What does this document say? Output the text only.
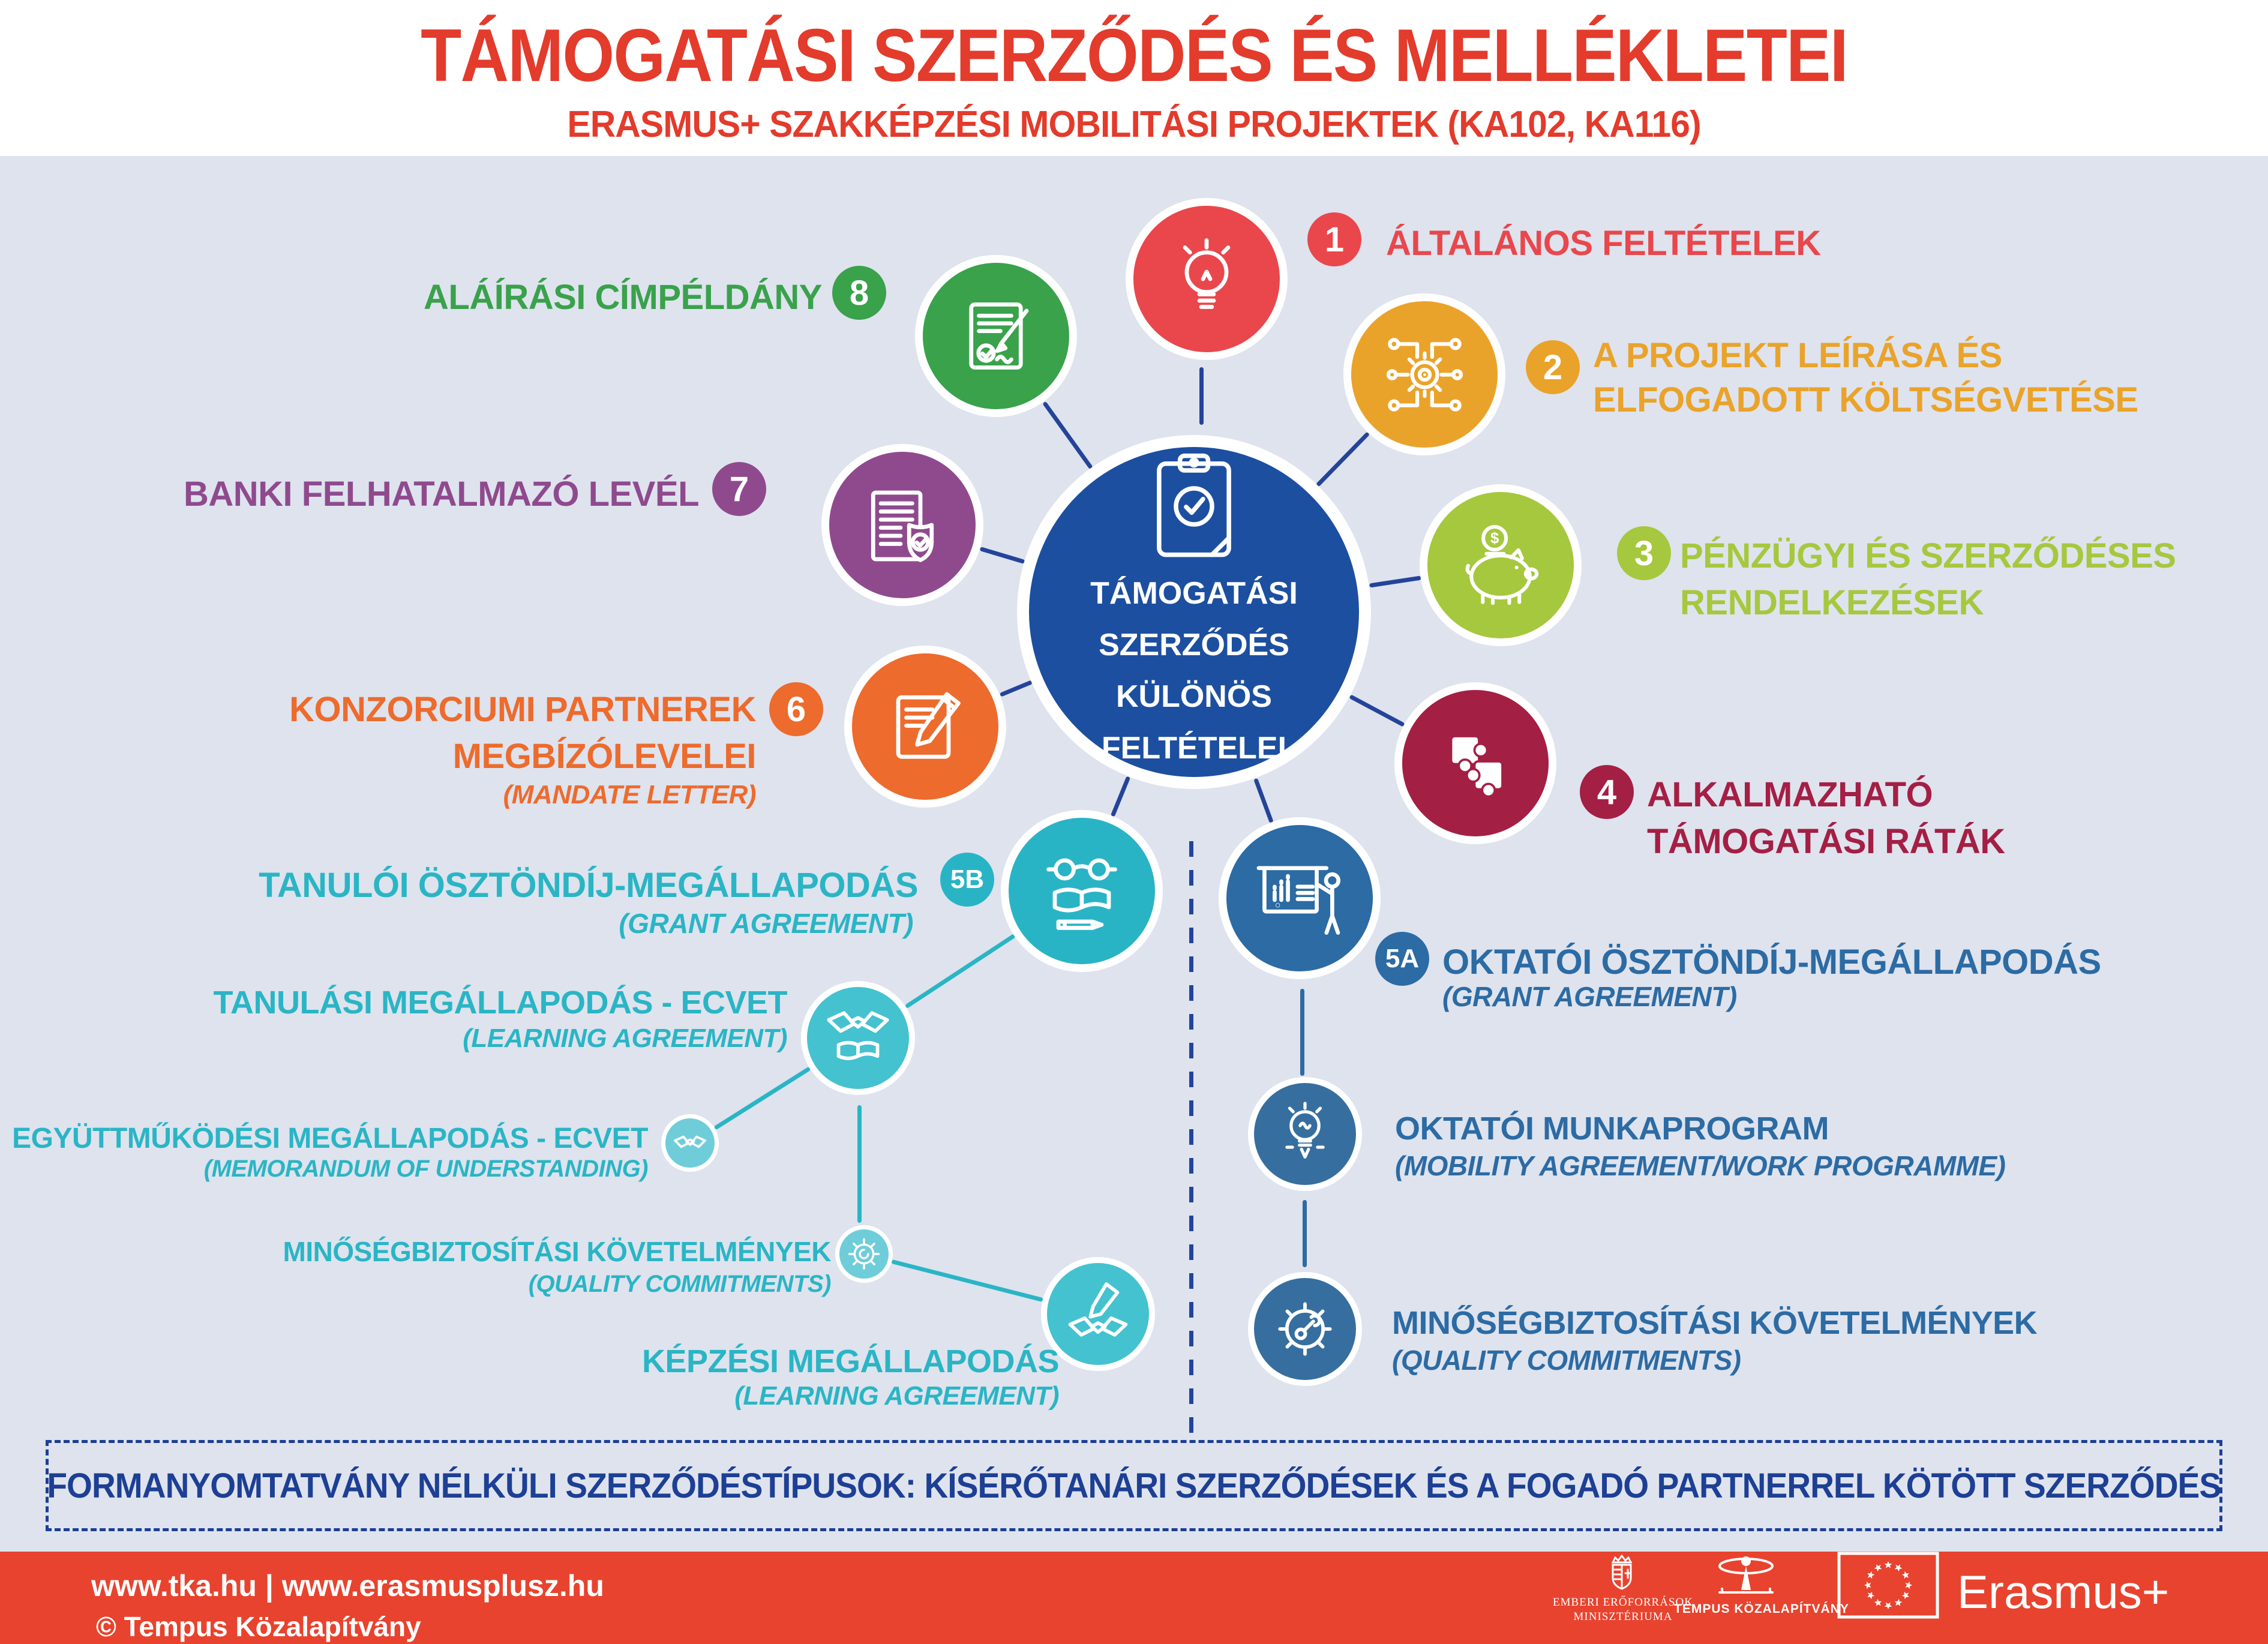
TÁMOGATÁSI SZERZŐDÉS ÉS MELLÉKLETEI
ERASMUS+ SZAKKÉPZÉSI MOBILITÁSI PROJEKTEK (KA102, KA116)
TÁMOGATÁSI
SZERZŐDÉS
KÜLÖNÖS
FELTÉTELEI
1	ÁLTALÁNOS FELTÉTELEK
2 A PROJEKT LEÍRÁSA ÉS
ELFOGADOTT KÖLTSÉGVETÉSE
$	3 PÉNZÜGYI ÉS SZERZŐDÉSES
RENDELKEZÉSEK
4 ALKALMAZHATÓ
TÁMOGATÁSI RÁTÁK
5A OKTATÓI ÖSZTÖNDÍJ-MEGÁLLAPODÁS
(GRANT AGREEMENT)
5B
TANULÓI ÖSZTÖNDÍJ-MEGÁLLAPODÁS
(GRANT AGREEMENT)
6
KONZORCIUMI PARTNEREK
MEGBÍZÓLEVELEI
(MANDATE LETTER)
7
BANKI FELHATALMAZÓ LEVÉL
8
ALÁÍRÁSI CÍMPÉLDÁNY
TANULÁSI MEGÁLLAPODÁS - ECVET
(LEARNING AGREEMENT)
EGYÜTTMŰKÖDÉSI MEGÁLLAPODÁS - ECVET
(MEMORANDUM OF UNDERSTANDING)
MINŐSÉGBIZTOSÍTÁSI KÖVETELMÉNYEK
(QUALITY COMMITMENTS)
KÉPZÉSI MEGÁLLAPODÁS
(LEARNING AGREEMENT)
OKTATÓI MUNKAPROGRAM
(MOBILITY AGREEMENT/WORK PROGRAMME)
MINŐSÉGBIZTOSÍTÁSI KÖVETELMÉNYEK
(QUALITY COMMITMENTS)
FORMANYOMTATVÁNY NÉLKÜLI SZERZŐDÉSTÍPUSOK: KÍSÉRŐTANÁRI SZERZŐDÉSEK ÉS A FOGADÓ PARTNERREL KÖTÖTT SZERZŐDÉS
www.tka.hu | www.erasmusplusz.hu
© Tempus Közalapítvány
EMBERI ERŐFORRÁSOK
MINISZTÉRIUMA
TEMPUS KÖZALAPÍTVÁNY Erasmus+
